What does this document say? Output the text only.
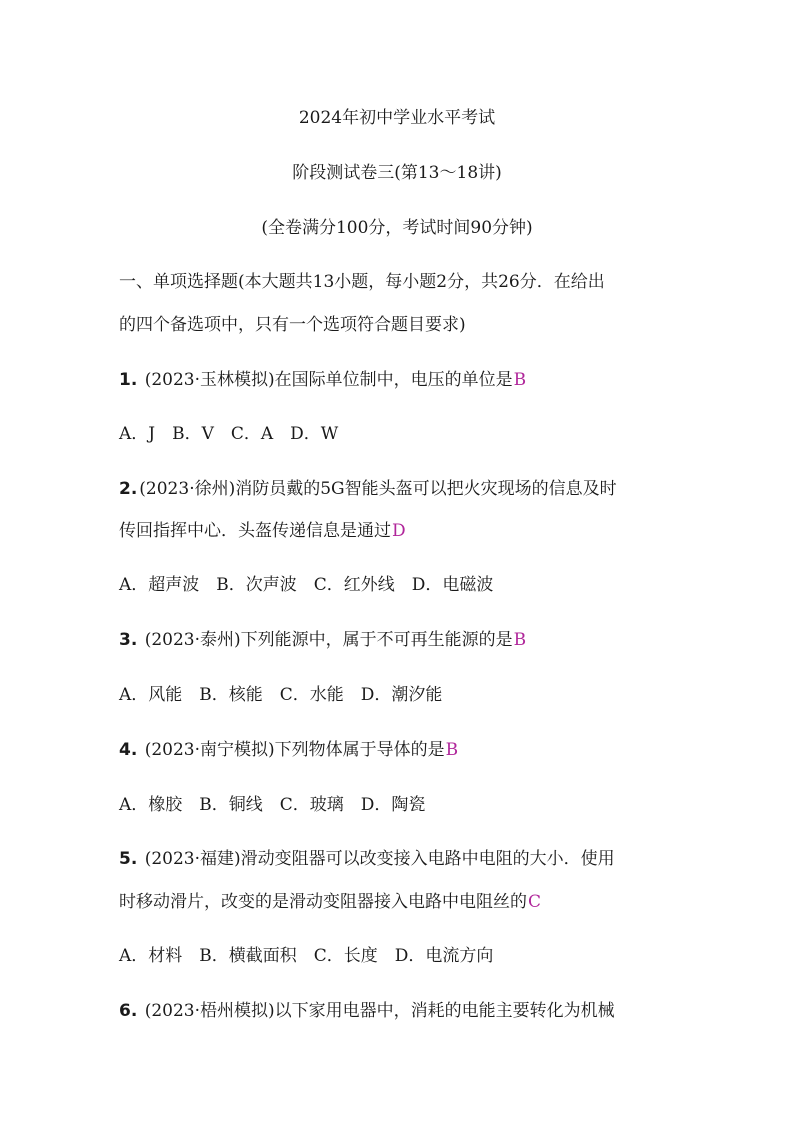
2024年初中学业水平考试
阶段测试卷三(第13～18讲)
(全卷满分100分，考试时间90分钟)
一、单项选择题(本大题共13小题，每小题2分，共26分．在给出
的四个备选项中，只有一个选项符合题目要求)
1. (2023·玉林模拟)在国际单位制中，电压的单位是B
A．J　B．V　C．A　D．W
2. (2023·徐州)消防员戴的5G智能头盔可以把火灾现场的信息及时
传回指挥中心．头盔传递信息是通过D
A．超声波　B．次声波　C．红外线　D．电磁波
3. (2023·泰州)下列能源中，属于不可再生能源的是B
A．风能　B．核能　C．水能　D．潮汐能
4. (2023·南宁模拟)下列物体属于导体的是B
A．橡胶　B．铜线　C．玻璃　D．陶瓷
5. (2023·福建)滑动变阻器可以改变接入电路中电阻的大小．使用
时移动滑片，改变的是滑动变阻器接入电路中电阻丝的C
A．材料　B．横截面积　C．长度　D．电流方向
6. (2023·梧州模拟)以下家用电器中，消耗的电能主要转化为机械
